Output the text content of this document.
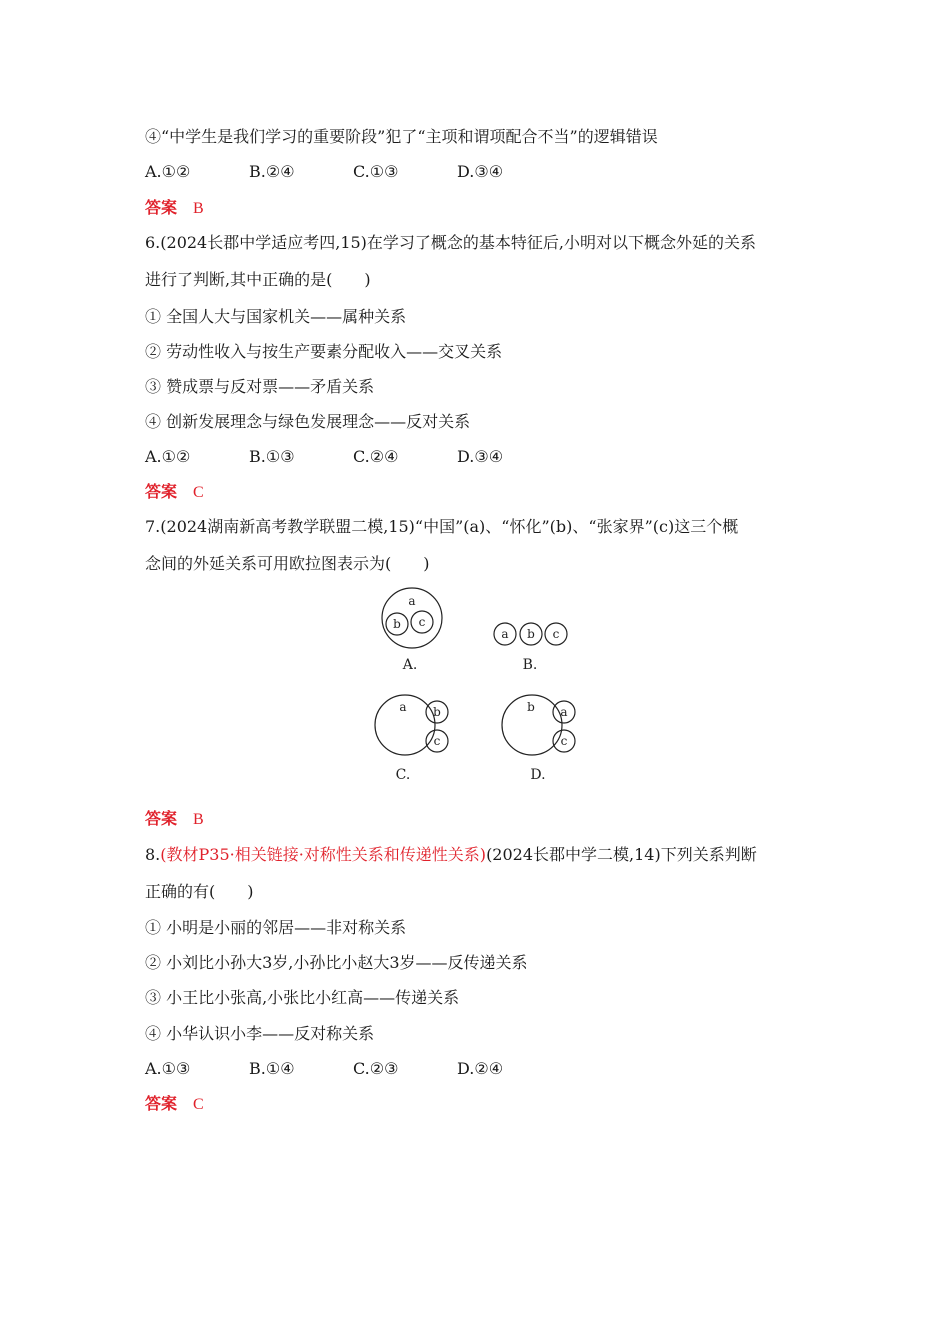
④“中学生是我们学习的重要阶段”犯了“主项和谓项配合不当”的逻辑错误
A.①②	B.②④	C.①③	D.③④
答案 B
6.(2024长郡中学适应考四,15)在学习了概念的基本特征后,小明对以下概念外延的关系
进行了判断,其中正确的是(　　)
① 全国人大与国家机关——属种关系
② 劳动性收入与按生产要素分配收入——交叉关系
③ 赞成票与反对票——矛盾关系
④ 创新发展理念与绿色发展理念——反对关系
A.①②	B.①③	C.②④	D.③④
答案 C
7.(2024湖南新高考教学联盟二模,15)“中国”(a)、“怀化”(b)、“张家界”(c)这三个概
念间的外延关系可用欧拉图表示为(　　)
a
b c
A.
a b c
B.
a b
c
C.
b a
c
D.
答案 B
8.(教材P35·相关链接·对称性关系和传递性关系)(2024长郡中学二模,14)下列关系判断
正确的有(　　)
① 小明是小丽的邻居——非对称关系
② 小刘比小孙大3岁,小孙比小赵大3岁——反传递关系
③ 小王比小张高,小张比小红高——传递关系
④ 小华认识小李——反对称关系
A.①③	B.①④	C.②③	D.②④
答案 C
